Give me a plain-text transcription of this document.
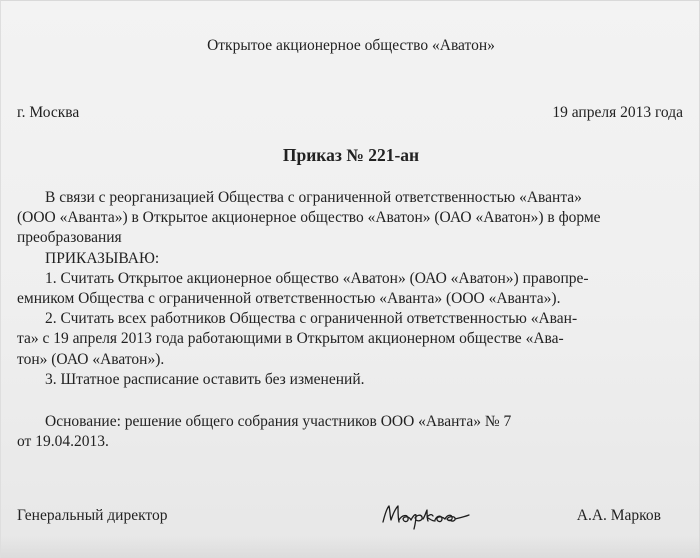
Открытое акционерное общество «Аватон»
г. Москва	19 апреля 2013 года
Приказ № 221-ан
В связи с реорганизацией Общества с ограниченной ответственностью «Аванта»
(ООО «Аванта») в Открытое акционерное общество «Аватон» (ОАО «Аватон») в форме
преобразования
ПРИКАЗЫВАЮ:
1. Считать Открытое акционерное общество «Аватон» (ОАО «Аватон») правопре-
емником Общества с ограниченной ответственностью «Аванта» (ООО «Аванта»).
2. Считать всех работников Общества с ограниченной ответственностью «Аван-
та» с 19 апреля 2013 года работающими в Открытом акционерном обществе «Ава-
тон» (ОАО «Аватон»).
3. Штатное расписание оставить без изменений.
Основание: решение общего собрания участников ООО «Аванта» № 7
от 19.04.2013.
Генеральный директор	А.А. Марков
